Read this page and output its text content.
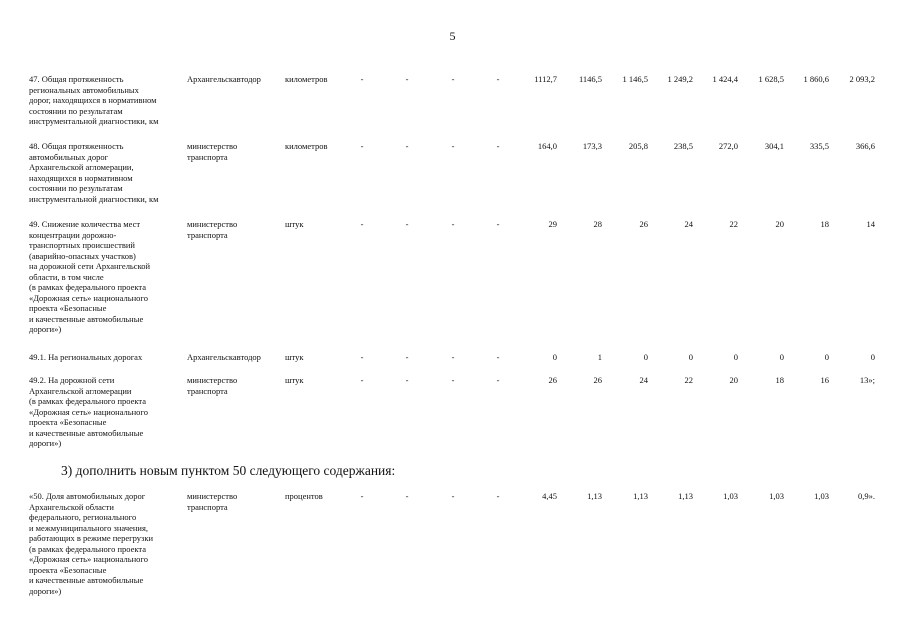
5
47. Общая протяженность
региональных автомобильных
дорог, находящихся в нормативном
состоянии по результатам
инструментальной диагностики, км
Архангельскавтодор	километров	-	-	-	-	1112,7	1146,5	1 146,5	1 249,2	1 424,4	1 628,5	1 860,6	2 093,2
48. Общая протяженность
автомобильных дорог
Архангельской агломерации,
находящихся в нормативном
состоянии по результатам
инструментальной диагностики, км
министерство
транспорта
километров	-	-	-	-	164,0	173,3	205,8	238,5	272,0	304,1	335,5	366,6
49. Снижение количества мест
концентрации дорожно-
транспортных происшествий
(аварийно-опасных участков)
на дорожной сети Архангельской
области, в том числе
(в рамках федерального проекта
«Дорожная сеть» национального
проекта «Безопасные
и качественные автомобильные
дороги»)
министерство
транспорта
штук	-	-	-	-	29	28	26	24	22	20	18	14
49.1. На региональных дорогах	Архангельскавтодор	штук	-	-	-	-	0	1	0	0	0	0	0	0
49.2. На дорожной сети
Архангельской агломерации
(в рамках федерального проекта
«Дорожная сеть» национального
проекта «Безопасные
и качественные автомобильные
дороги»)
министерство
транспорта
штук	-	-	-	-	26	26	24	22	20	18	16	13»;
3) дополнить новым пунктом 50 следующего содержания:
«50. Доля автомобильных дорог
Архангельской области
федерального, регионального
и межмуниципального значения,
работающих в режиме перегрузки
(в рамках федерального проекта
«Дорожная сеть» национального
проекта «Безопасные
и качественные автомобильные
дороги»)
министерство
транспорта
процентов	-	-	-	-	4,45	1,13	1,13	1,13	1,03	1,03	1,03	0,9».
